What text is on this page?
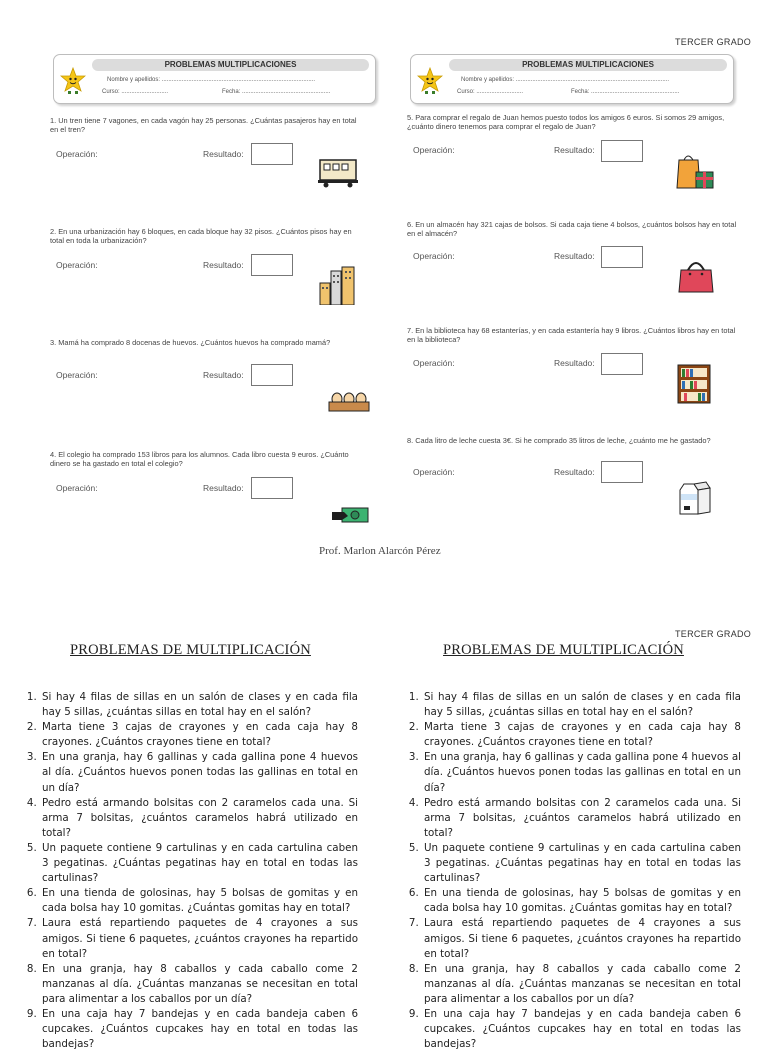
TERCER GRADO
PROBLEMAS MULTIPLICACIONES
Nombre y apellidos: ............................................................................................
Curso: ............................	Fecha: .....................................................
PROBLEMAS MULTIPLICACIONES
Nombre y apellidos: ............................................................................................
Curso: ............................	Fecha: .....................................................
1. Un tren tiene 7 vagones, en cada vagón hay 25 personas. ¿Cuántas pasajeros hay en total en el tren?
Operación:	Resultado:
2. En una urbanización hay 6 bloques, en cada bloque hay 32 pisos. ¿Cuántos pisos hay en total en toda la urbanización?
Operación:	Resultado:
3. Mamá ha comprado 8 docenas de huevos. ¿Cuántos huevos ha comprado mamá?
Operación:	Resultado:
4. El colegio ha comprado 153 libros para los alumnos. Cada libro cuesta 9 euros. ¿Cuánto dinero se ha gastado en total el colegio?
Operación:	Resultado:
5. Para comprar el regalo de Juan hemos puesto todos los amigos 6 euros. Si somos 29 amigos, ¿cuánto dinero tenemos para comprar el regalo de Juan?
Operación:	Resultado:
6. En un almacén hay 321 cajas de bolsos. Si cada caja tiene 4 bolsos, ¿cuántos bolsos hay en total en el almacén?
Operación:	Resultado:
7. En la biblioteca hay 68 estanterías, y en cada estantería hay 9 libros. ¿Cuántos libros hay en total en la biblioteca?
Operación:	Resultado:
8. Cada litro de leche cuesta 3€. Si he comprado 35 litros de leche, ¿cuánto me he gastado?
Operación:	Resultado:
Prof. Marlon Alarcón Pérez
TERCER GRADO
PROBLEMAS DE MULTIPLICACIÓN	PROBLEMAS DE MULTIPLICACIÓN
1. Si hay 4 filas de sillas en un salón de clases y en cada fila hay 5 sillas, ¿cuántas sillas en total hay en el salón?
2. Marta tiene 3 cajas de crayones y en cada caja hay 8 crayones. ¿Cuántos crayones tiene en total?
3. En una granja, hay 6 gallinas y cada gallina pone 4 huevos al día. ¿Cuántos huevos ponen todas las gallinas en total en un día?
4. Pedro está armando bolsitas con 2 caramelos cada una. Si arma 7 bolsitas, ¿cuántos caramelos habrá utilizado en total?
5. Un paquete contiene 9 cartulinas y en cada cartulina caben 3 pegatinas. ¿Cuántas pegatinas hay en total en todas las cartulinas?
6. En una tienda de golosinas, hay 5 bolsas de gomitas y en cada bolsa hay 10 gomitas. ¿Cuántas gomitas hay en total?
7. Laura está repartiendo paquetes de 4 crayones a sus amigos. Si tiene 6 paquetes, ¿cuántos crayones ha repartido en total?
8. En una granja, hay 8 caballos y cada caballo come 2 manzanas al día. ¿Cuántas manzanas se necesitan en total para alimentar a los caballos por un día?
9. En una caja hay 7 bandejas y en cada bandeja caben 6 cupcakes. ¿Cuántos cupcakes hay en total en todas las bandejas?
1. Si hay 4 filas de sillas en un salón de clases y en cada fila hay 5 sillas, ¿cuántas sillas en total hay en el salón?
2. Marta tiene 3 cajas de crayones y en cada caja hay 8 crayones. ¿Cuántos crayones tiene en total?
3. En una granja, hay 6 gallinas y cada gallina pone 4 huevos al día. ¿Cuántos huevos ponen todas las gallinas en total en un día?
4. Pedro está armando bolsitas con 2 caramelos cada una. Si arma 7 bolsitas, ¿cuántos caramelos habrá utilizado en total?
5. Un paquete contiene 9 cartulinas y en cada cartulina caben 3 pegatinas. ¿Cuántas pegatinas hay en total en todas las cartulinas?
6. En una tienda de golosinas, hay 5 bolsas de gomitas y en cada bolsa hay 10 gomitas. ¿Cuántas gomitas hay en total?
7. Laura está repartiendo paquetes de 4 crayones a sus amigos. Si tiene 6 paquetes, ¿cuántos crayones ha repartido en total?
8. En una granja, hay 8 caballos y cada caballo come 2 manzanas al día. ¿Cuántas manzanas se necesitan en total para alimentar a los caballos por un día?
9. En una caja hay 7 bandejas y en cada bandeja caben 6 cupcakes. ¿Cuántos cupcakes hay en total en todas las bandejas?
